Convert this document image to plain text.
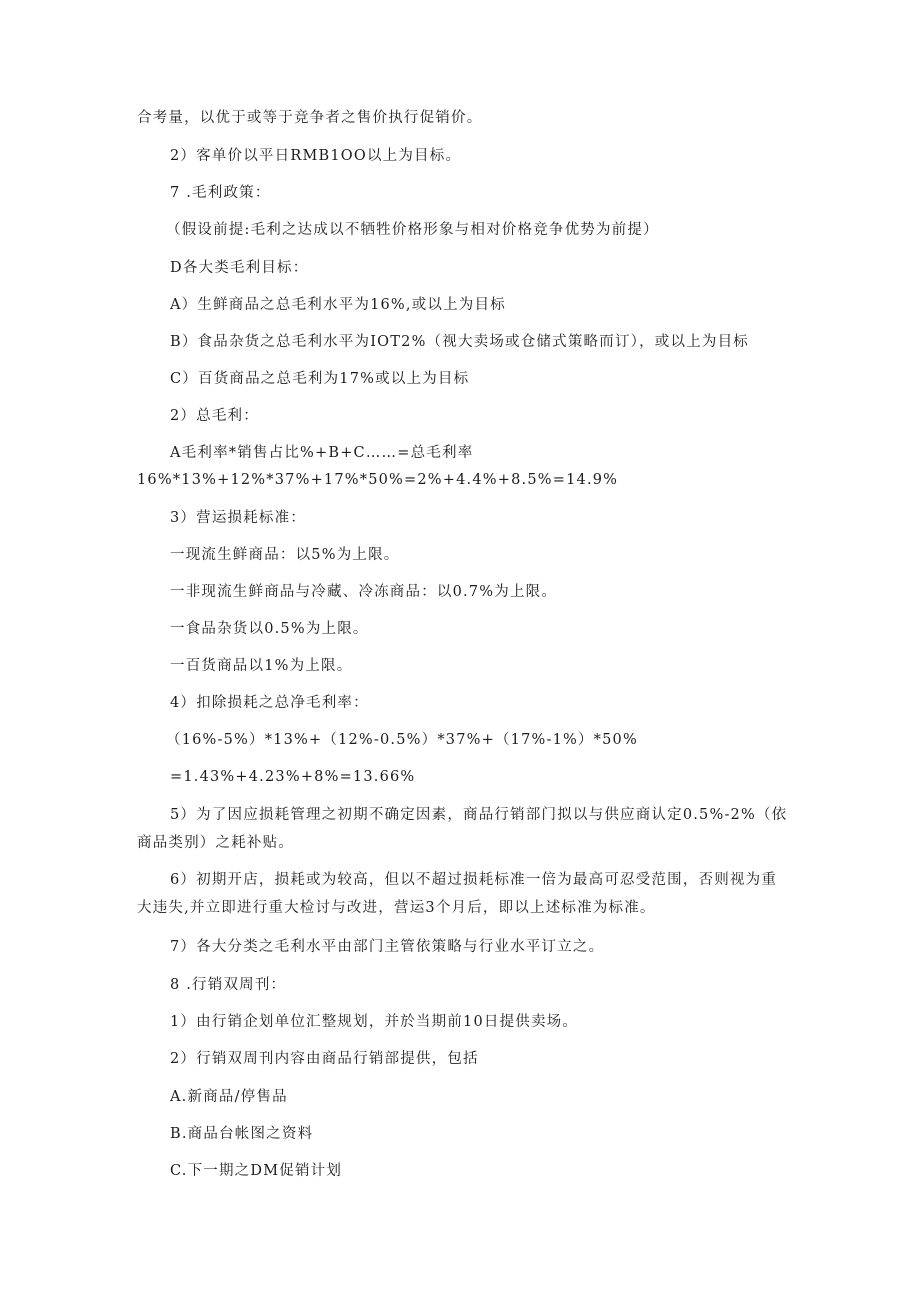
合考量，以优于或等于竞争者之售价执行促销价。
2）客单价以平日RMB1OO以上为目标。
7 .毛利政策：
（假设前提:毛利之达成以不牺牲价格形象与相对价格竞争优势为前提）
D各大类毛利目标：
A）生鲜商品之总毛利水平为16%,或以上为目标
B）食品杂货之总毛利水平为IOT2%（视大卖场或仓储式策略而订），或以上为目标
C）百货商品之总毛利为17%或以上为目标
2）总毛利：
A毛利率*销售占比%+B+C……=总毛利率
16%*13%+12%*37%+17%*50%=2%+4.4%+8.5%=14.9%
3）营运损耗标准：
一现流生鲜商品：以5%为上限。
一非现流生鲜商品与冷藏、冷冻商品：以0.7%为上限。
一食品杂货以0.5%为上限。
一百货商品以1%为上限。
4）扣除损耗之总净毛利率：
（16%-5%）*13%+（12%-0.5%）*37%+（17%-1%）*50%
=1.43%+4.23%+8%=13.66%
5）为了因应损耗管理之初期不确定因素，商品行销部门拟以与供应商认定0.5%-2%（依商品类别）之耗补贴。
6）初期开店，损耗或为较高，但以不超过损耗标准一倍为最高可忍受范围，否则视为重大违失,并立即进行重大检讨与改进，营运3个月后，即以上述标准为标准。
7）各大分类之毛利水平由部门主管依策略与行业水平订立之。
8 .行销双周刊：
1）由行销企划单位汇整规划，并於当期前10日提供卖场。
2）行销双周刊内容由商品行销部提供，包括
A.新商品/停售品
B.商品台帐图之资料
C.下一期之DM促销计划
